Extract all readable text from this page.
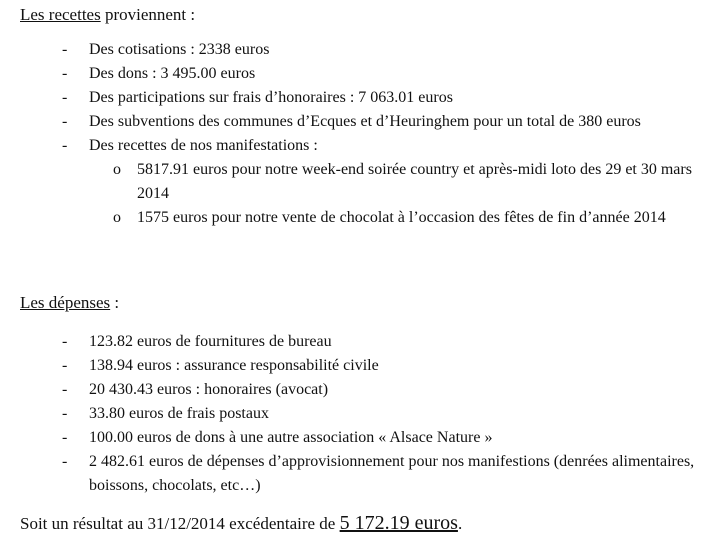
Les recettes proviennent :
- Des cotisations : 2338 euros
- Des dons : 3 495.00 euros
- Des participations sur frais d’honoraires : 7 063.01 euros
- Des subventions des communes d’Ecques et d’Heuringhem pour un total de 380 euros
- Des recettes de nos manifestations :
o 5817.91 euros pour notre week-end soirée country et après-midi loto des 29 et 30 mars 2014
o 1575 euros pour notre vente de chocolat à l’occasion des fêtes de fin d’année 2014
Les dépenses :
- 123.82 euros de fournitures de bureau
- 138.94 euros : assurance responsabilité civile
- 20 430.43 euros : honoraires (avocat)
- 33.80 euros de frais postaux
- 100.00 euros de dons à une autre association « Alsace Nature »
- 2 482.61 euros de dépenses d’approvisionnement pour nos manifestions (denrées alimentaires, boissons, chocolats, etc…)
Soit un résultat au 31/12/2014 excédentaire de 5 172.19 euros.
